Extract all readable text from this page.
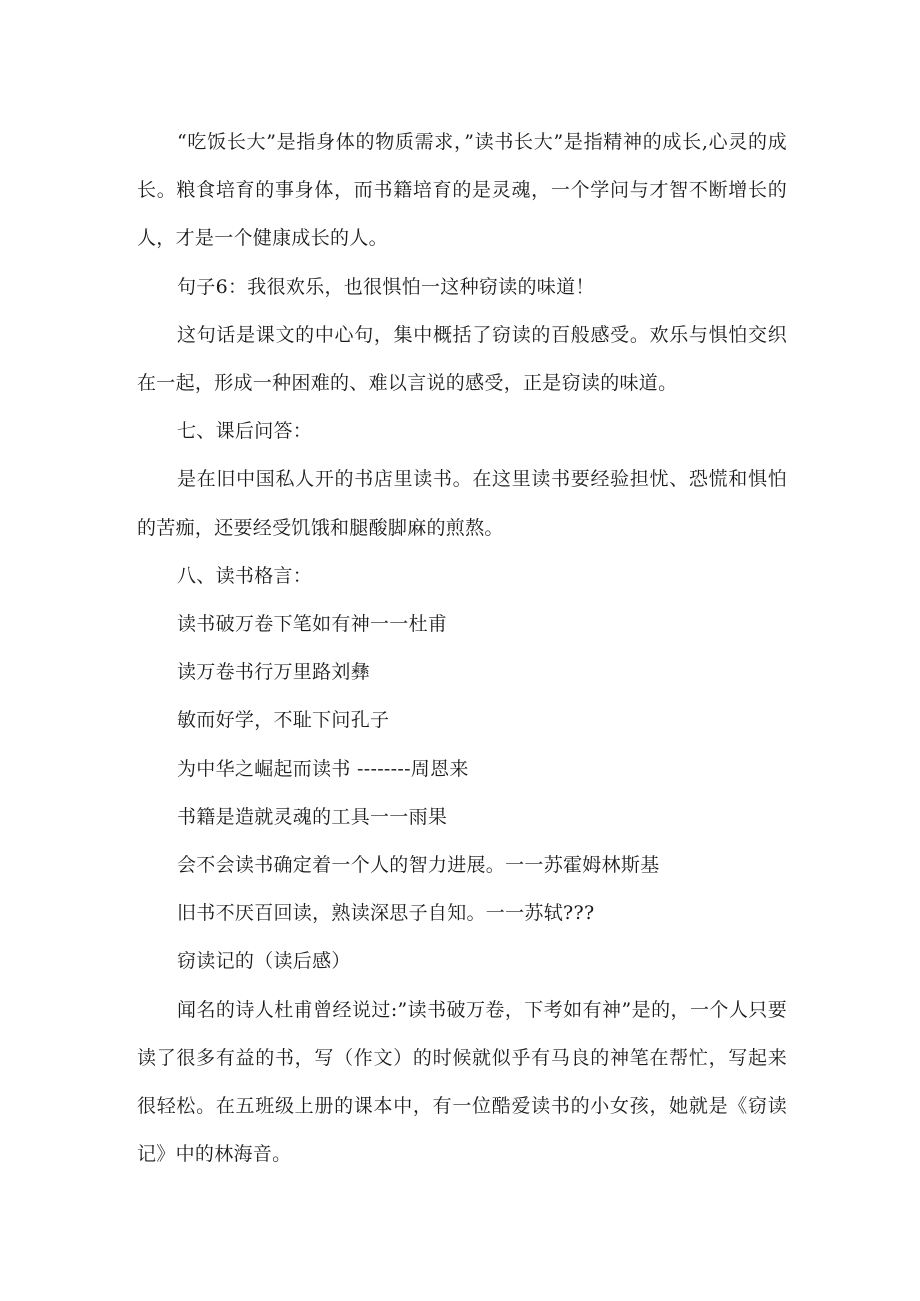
“吃饭长大”是指身体的物质需求，”读书长大”是指精神的成长,心灵的成长。粮食培育的事身体，而书籍培育的是灵魂，一个学问与才智不断增长的人，才是一个健康成长的人。

句子6：我很欢乐，也很惧怕一这种窃读的味道！

这句话是课文的中心句，集中概括了窃读的百般感受。欢乐与惧怕交织在一起，形成一种困难的、难以言说的感受，正是窃读的味道。

七、课后问答：

是在旧中国私人开的书店里读书。在这里读书要经验担忧、恐慌和惧怕的苦痂，还要经受饥饿和腿酸脚麻的煎熬。

八、读书格言：

读书破万卷下笔如有神一一杜甫

读万卷书行万里路刘彝

敏而好学，不耻下问孔子

为中华之崛起而读书 --------周恩来

书籍是造就灵魂的工具一一雨果

会不会读书确定着一个人的智力进展。一一苏霍姆林斯基

旧书不厌百回读，熟读深思子自知。一一苏轼???

窃读记的（读后感）

闻名的诗人杜甫曾经说过:”读书破万卷，下考如有神”是的，一个人只要读了很多有益的书，写（作文）的时候就似乎有马良的神笔在帮忙，写起来很轻松。在五班级上册的课本中，有一位酷爱读书的小女孩，她就是《窃读记》中的林海音。
